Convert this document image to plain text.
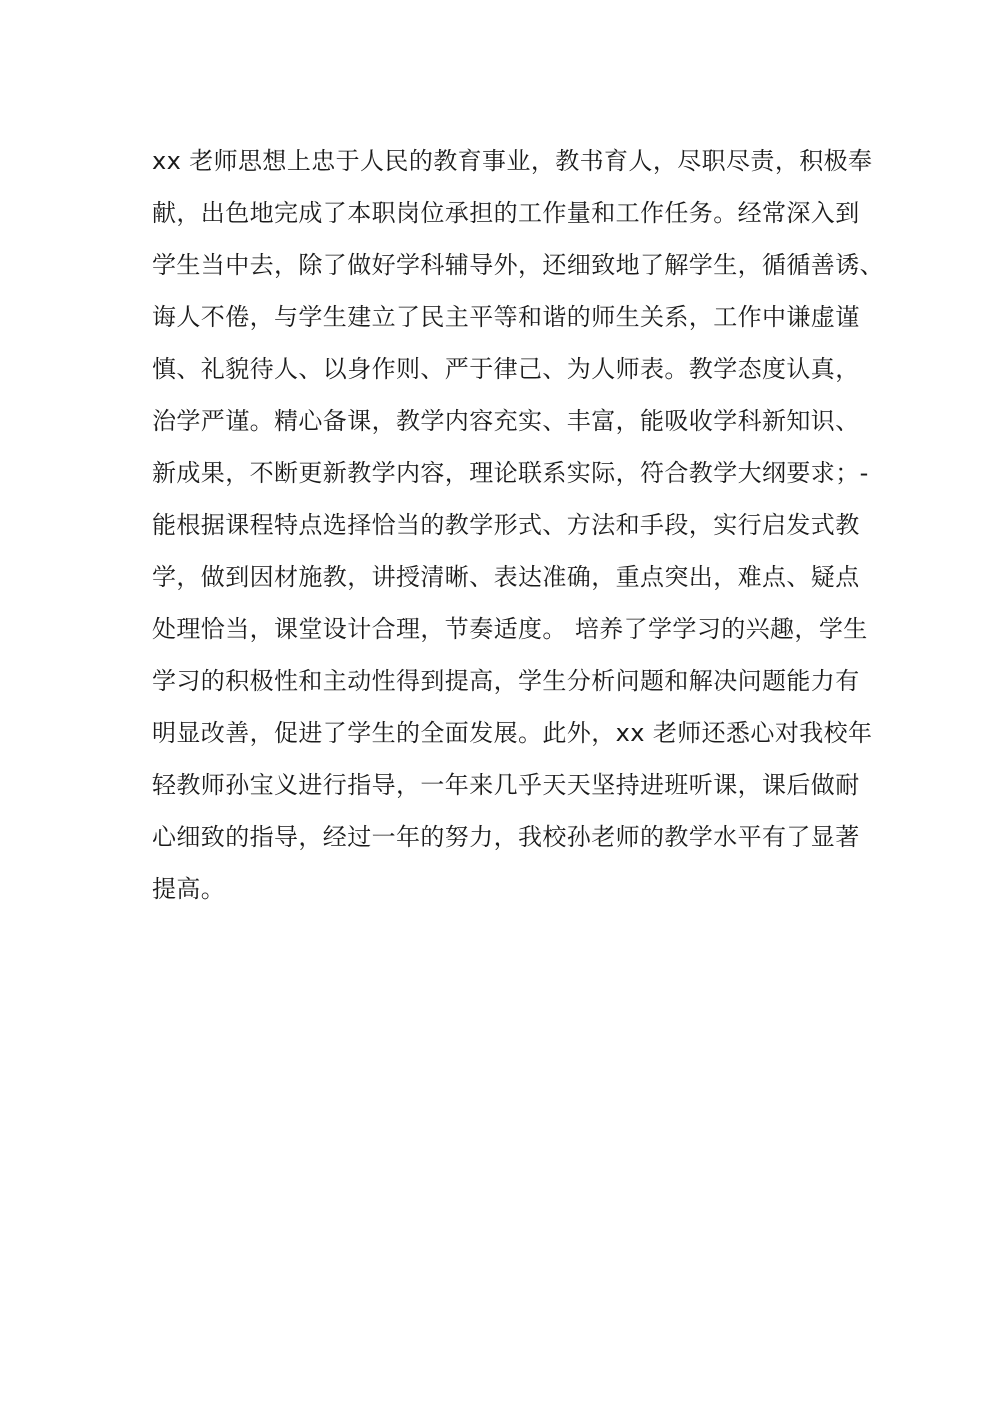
xx 老师思想上忠于人民的教育事业，教书育人，尽职尽责，积极奉
献，出色地完成了本职岗位承担的工作量和工作任务。经常深入到
学生当中去，除了做好学科辅导外，还细致地了解学生，循循善诱、
诲人不倦，与学生建立了民主平等和谐的师生关系，工作中谦虚谨
慎、礼貌待人、以身作则、严于律己、为人师表。教学态度认真，
治学严谨。精心备课，教学内容充实、丰富，能吸收学科新知识、
新成果，不断更新教学内容，理论联系实际，符合教学大纲要求；-
能根据课程特点选择恰当的教学形式、方法和手段，实行启发式教
学，做到因材施教，讲授清晰、表达准确，重点突出，难点、疑点
处理恰当，课堂设计合理，节奏适度。 培养了学学习的兴趣，学生
学习的积极性和主动性得到提高，学生分析问题和解决问题能力有
明显改善，促进了学生的全面发展。此外，xx 老师还悉心对我校年
轻教师孙宝义进行指导，一年来几乎天天坚持进班听课，课后做耐
心细致的指导，经过一年的努力，我校孙老师的教学水平有了显著
提高。
